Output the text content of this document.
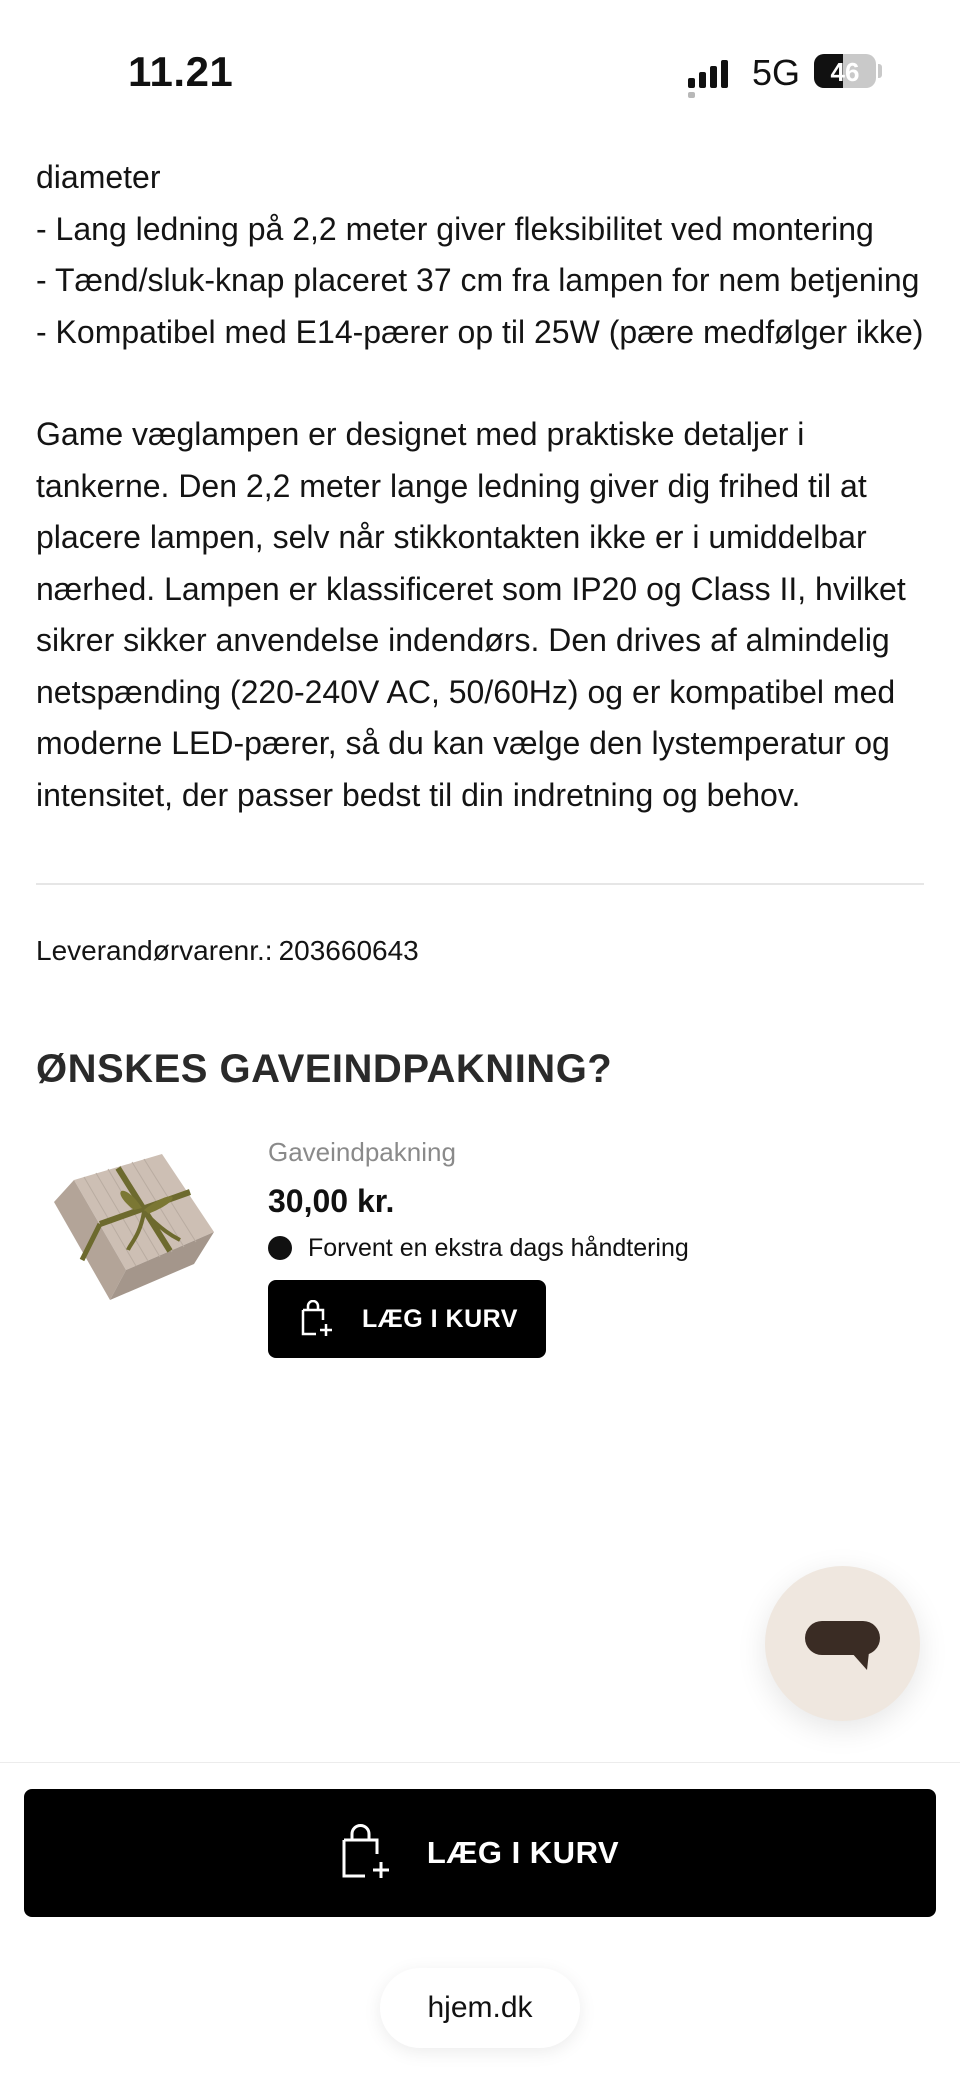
11.21	5G	46
diameter
- Lang ledning på 2,2 meter giver fleksibilitet ved montering
- Tænd/sluk-knap placeret 37 cm fra lampen for nem betjening
- Kompatibel med E14-pærer op til 25W (pære medfølger ikke)
Game væglampen er designet med praktiske detaljer i tankerne. Den 2,2 meter lange ledning giver dig frihed til at placere lampen, selv når stikkontakten ikke er i umiddelbar nærhed. Lampen er klassificeret som IP20 og Class II, hvilket sikrer sikker anvendelse indendørs. Den drives af almindelig netspænding (220-240V AC, 50/60Hz) og er kompatibel med moderne LED-pærer, så du kan vælge den lystemperatur og intensitet, der passer bedst til din indretning og behov.
Leverandørvarenr.: 203660643
ØNSKES GAVEINDPAKNING?
Gaveindpakning
30,00 kr.
Forvent en ekstra dags håndtering
LÆG I KURV
LÆG I KURV
hjem.dk
